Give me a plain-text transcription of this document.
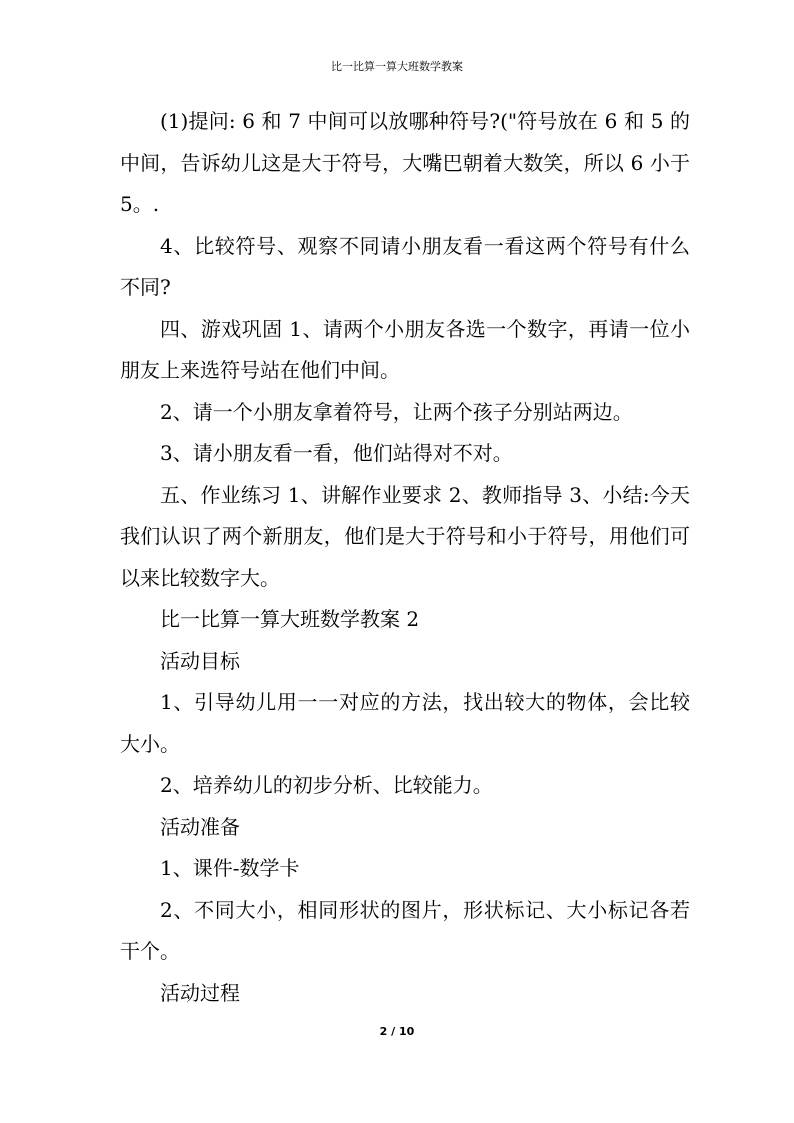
比一比算一算大班数学教案

(1)提问: 6 和 7 中间可以放哪种符号?("符号放在 6 和 5 的中间，告诉幼儿这是大于符号，大嘴巴朝着大数笑，所以 6 小于 5。.

4、比较符号、观察不同请小朋友看一看这两个符号有什么不同?

四、游戏巩固 1、请两个小朋友各选一个数字，再请一位小朋友上来选符号站在他们中间。

2、请一个小朋友拿着符号，让两个孩子分别站两边。

3、请小朋友看一看，他们站得对不对。

五、作业练习 1、讲解作业要求 2、教师指导 3、小结:今天我们认识了两个新朋友，他们是大于符号和小于符号，用他们可以来比较数字大。

比一比算一算大班数学教案 2

活动目标

1、引导幼儿用一一对应的方法，找出较大的物体，会比较大小。

2、培养幼儿的初步分析、比较能力。

活动准备

1、课件-数学卡

2、不同大小，相同形状的图片，形状标记、大小标记各若干个。

活动过程

2 / 10
